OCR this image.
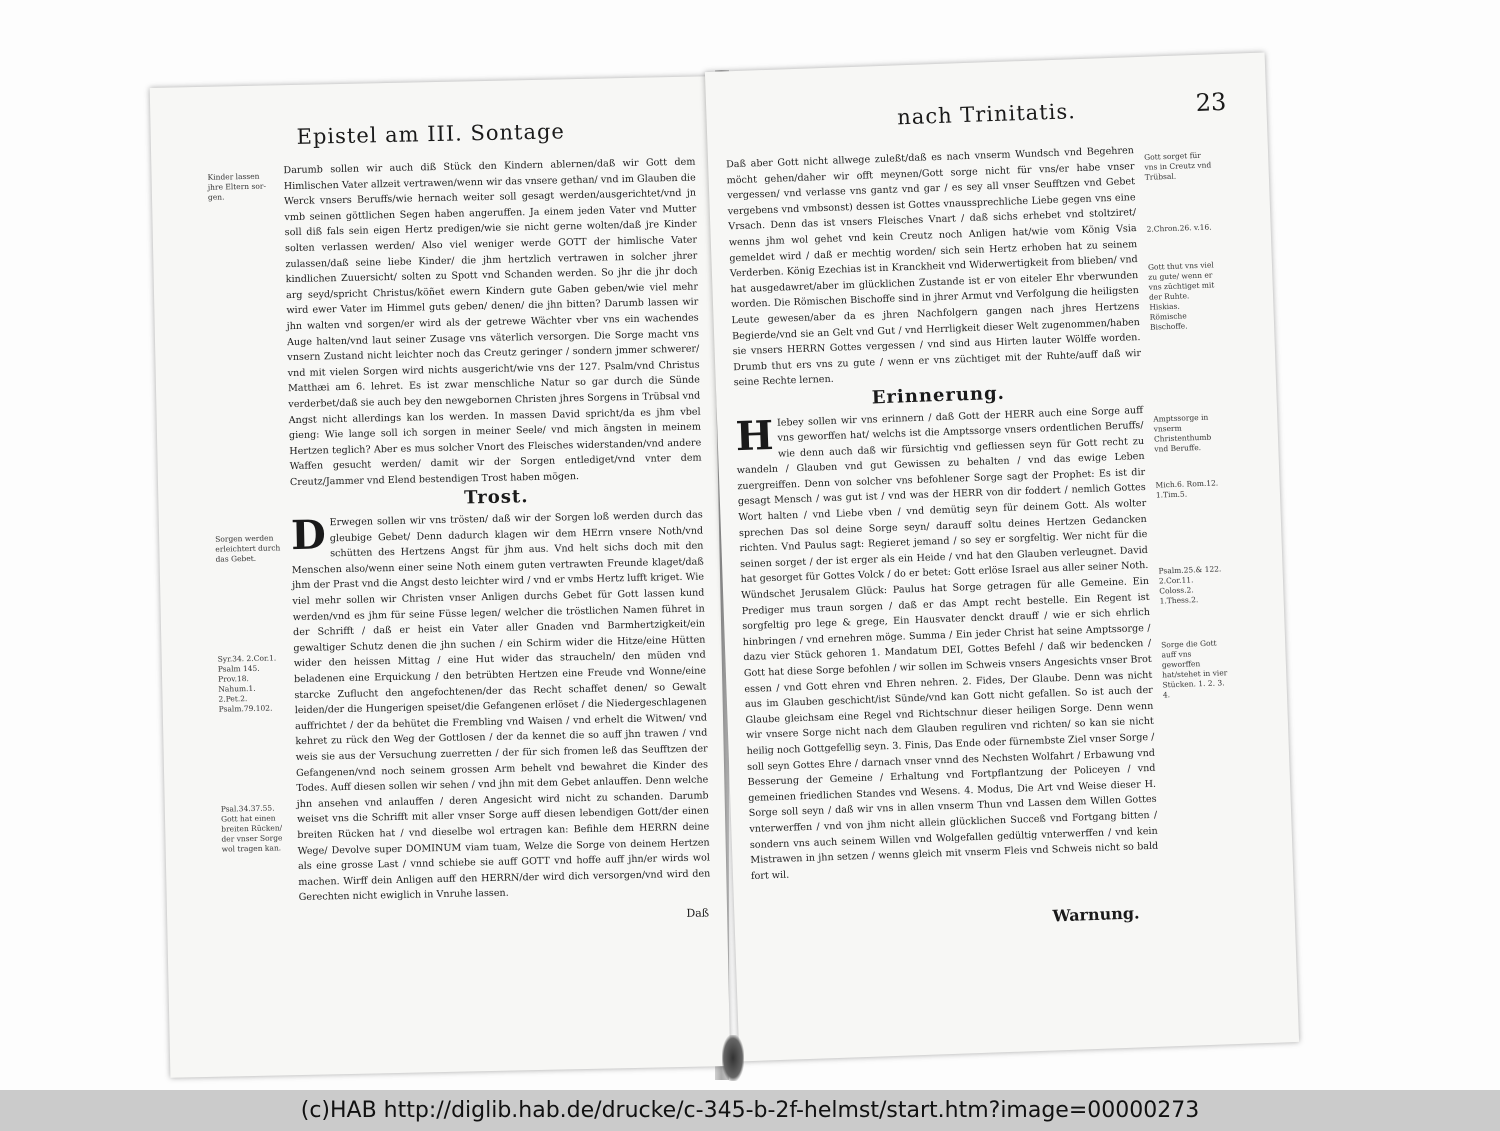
Epistel am III. Sontage
Kinder lassen jhre Eltern sor-gen.
Sorgen werden erleichtert durch das Gebet.
Syr.34. 2.Cor.1. Psalm 145. Prov.18. Nahum.1. 2.Pet.2. Psalm.79.102.
Psal.34.37.55. Gott hat einen breiten Rücken/ der vnser Sorge wol tragen kan.

Darumb sollen wir auch diß Stück den Kindern ablernen/daß wir Gott dem Himlischen Vater allzeit vertrawen/wenn wir das vnsere gethan/ vnd im Glauben die Werck vnsers Beruffs/wie hernach weiter soll gesagt werden/ausgerichtet/vnd jn vmb seinen göttlichen Segen haben angeruffen. Ja einem jeden Vater vnd Mutter soll diß fals sein eigen Hertz predigen/wie sie nicht gerne wolten/daß jre Kinder solten verlassen werden/ Also viel weniger werde GOTT der himlische Vater zulassen/daß seine liebe Kinder/ die jhm hertzlich vertrawen in solcher jhrer kindlichen Zuuersicht/ solten zu Spott vnd Schanden werden. So jhr die jhr doch arg seyd/spricht Christus/köñet ewern Kindern gute Gaben geben/wie viel mehr wird ewer Vater im Himmel guts geben/ denen/ die jhn bitten? Darumb lassen wir jhn walten vnd sorgen/er wird als der getrewe Wächter vber vns ein wachendes Auge halten/vnd laut seiner Zusage vns väterlich versorgen. Die Sorge macht vns vnsern Zustand nicht leichter noch das Creutz geringer / sondern jmmer schwerer/ vnd mit vielen Sorgen wird nichts ausgericht/wie vns der 127. Psalm/vnd Christus Matthæi am 6. lehret. Es ist zwar menschliche Natur so gar durch die Sünde verderbet/daß sie auch bey den newgebornen Christen jhres Sorgens in Trübsal vnd Angst nicht allerdings kan los werden. In massen David spricht/da es jhm vbel gieng: Wie lange soll ich sorgen in meiner Seele/ vnd mich ängsten in meinem Hertzen teglich? Aber es mus solcher Vnort des Fleisches widerstanden/vnd andere Waffen gesucht werden/ damit wir der Sorgen entlediget/vnd vnter dem Creutz/Jammer vnd Elend bestendigen Trost haben mögen.

Trost.

D Erwegen sollen wir vns trösten/ daß wir der Sorgen loß werden durch das gleubige Gebet/ Denn dadurch klagen wir dem HErrn vnsere Noth/vnd schütten des Hertzens Angst für jhm aus. Vnd helt sichs doch mit den Menschen also/wenn einer seine Noth einem guten vertrawten Freunde klaget/daß jhm der Prast vnd die Angst desto leichter wird / vnd er vmbs Hertz lufft kriget. Wie viel mehr sollen wir Christen vnser Anligen durchs Gebet für Gott lassen kund werden/vnd es jhm für seine Füsse legen/ welcher die tröstlichen Namen führet in der Schrifft / daß er heist ein Vater aller Gnaden vnd Barmhertzigkeit/ein gewaltiger Schutz denen die jhn suchen / ein Schirm wider die Hitze/eine Hütten wider den heissen Mittag / eine Hut wider das straucheln/ den müden vnd beladenen eine Erquickung / den betrübten Hertzen eine Freude vnd Wonne/eine starcke Zuflucht den angefochtenen/der das Recht schaffet denen/ so Gewalt leiden/der die Hungerigen speiset/die Gefangenen erlöset / die Niedergeschlagenen auffrichtet / der da behütet die Frembling vnd Waisen / vnd erhelt die Witwen/ vnd kehret zu rück den Weg der Gottlosen / der da kennet die so auff jhn trawen / vnd weis sie aus der Versuchung zuerretten / der für sich fromen leß das Seufftzen der Gefangenen/vnd noch seinem grossen Arm behelt vnd bewahret die Kinder des Todes. Auff diesen sollen wir sehen / vnd jhn mit dem Gebet anlauffen. Denn welche jhn ansehen vnd anlauffen / deren Angesicht wird nicht zu schanden. Darumb weiset vns die Schrifft mit aller vnser Sorge auff diesen lebendigen Gott/der einen breiten Rücken hat / vnd dieselbe wol ertragen kan: Befihle dem HERRN deine Wege/ Devolve super DOMINUM viam tuam, Welze die Sorge von deinem Hertzen als eine grosse Last / vnnd schiebe sie auff GOTT vnd hoffe auff jhn/er wirds wol machen. Wirff dein Anligen auff den HERRN/der wird dich versorgen/vnd wird den Gerechten nicht ewiglich in Vnruhe lassen.

Daß
nach Trinitatis.	23

Daß aber Gott nicht allwege zuleßt/daß es nach vnserm Wundsch vnd Begehren möcht gehen/daher wir offt meynen/Gott sorge nicht für vns/er habe vnser vergessen/ vnd verlasse vns gantz vnd gar / es sey all vnser Seufftzen vnd Gebet vergebens vnd vmbsonst) dessen ist Gottes vnaussprechliche Liebe gegen vns eine Vrsach. Denn das ist vnsers Fleisches Vnart / daß sichs erhebet vnd stoltziret/ wenns jhm wol gehet vnd kein Creutz noch Anligen hat/wie vom König Vsia gemeldet wird / daß er mechtig worden/ sich sein Hertz erhoben hat zu seinem Verderben. König Ezechias ist in Kranckheit vnd Widerwertigkeit from blieben/ vnd hat ausgedawret/aber im glücklichen Zustande ist er von eiteler Ehr vberwunden worden. Die Römischen Bischoffe sind in jhrer Armut vnd Verfolgung die heiligsten Leute gewesen/aber da es jhren Nachfolgern gangen nach jhres Hertzens Begierde/vnd sie an Gelt vnd Gut / vnd Herrligkeit dieser Welt zugenommen/haben sie vnsers HERRN Gottes vergessen / vnd sind aus Hirten lauter Wölffe worden. Drumb thut ers vns zu gute / wenn er vns züchtiget mit der Ruhte/auff daß wir seine Rechte lernen.

Erinnerung.

H Iebey sollen wir vns erinnern / daß Gott der HERR auch eine Sorge auff vns geworffen hat/ welchs ist die Amptssorge vnsers ordentlichen Beruffs/ wie denn auch daß wir fürsichtig vnd gefliessen seyn für Gott recht zu wandeln / Glauben vnd gut Gewissen zu behalten / vnd das ewige Leben zuergreiffen. Denn von solcher vns befohlener Sorge sagt der Prophet: Es ist dir gesagt Mensch / was gut ist / vnd was der HERR von dir foddert / nemlich Gottes Wort halten / vnd Liebe vben / vnd demütig seyn für deinem Gott. Als wolter sprechen Das sol deine Sorge seyn/ darauff soltu deines Hertzen Gedancken richten. Vnd Paulus sagt: Regieret jemand / so sey er sorgfeltig. Wer nicht für die seinen sorget / der ist erger als ein Heide / vnd hat den Glauben verleugnet. David hat gesorget für Gottes Volck / do er betet: Gott erlöse Israel aus aller seiner Noth. Wündschet Jerusalem Glück: Paulus hat Sorge getragen für alle Gemeine. Ein Prediger mus traun sorgen / daß er das Ampt recht bestelle. Ein Regent ist sorgfeltig pro lege & grege, Ein Hausvater denckt drauff / wie er sich ehrlich hinbringen / vnd ernehren möge. Summa / Ein jeder Christ hat seine Amptssorge / dazu vier Stück gehoren 1. Mandatum DEI, Gottes Befehl / daß wir bedencken / Gott hat diese Sorge befohlen / wir sollen im Schweis vnsers Angesichts vnser Brot essen / vnd Gott ehren vnd Ehren nehren. 2. Fides, Der Glaube. Denn was nicht aus im Glauben geschicht/ist Sünde/vnd kan Gott nicht gefallen. So ist auch der Glaube gleichsam eine Regel vnd Richtschnur dieser heiligen Sorge. Denn wenn wir vnsere Sorge nicht nach dem Glauben reguliren vnd richten/ so kan sie nicht heilig noch Gottgefellig seyn. 3. Finis, Das Ende oder fürnembste Ziel vnser Sorge / soll seyn Gottes Ehre / darnach vnser vnnd des Nechsten Wolfahrt / Erbawung vnd Besserung der Gemeine / Erhaltung vnd Fortpflantzung der Policeyen / vnd gemeinen friedlichen Standes vnd Wesens. 4. Modus, Die Art vnd Weise dieser H. Sorge soll seyn / daß wir vns in allen vnserm Thun vnd Lassen dem Willen Gottes vnterwerffen / vnd von jhm nicht allein glücklichen Succeß vnd Fortgang bitten / sondern vns auch seinem Willen vnd Wolgefallen gedültig vnterwerffen / vnd kein Mistrawen in jhn setzen / wenns gleich mit vnserm Fleis vnd Schweis nicht so bald fort wil.

Gott sorget für vns in Creutz vnd Trübsal.
2.Chron.26. v.16.
Gott thut vns viel zu gute/ wenn er vns züchtiget mit der Ruhte. Hiskias. Römische Bischoffe.
Amptssorge in vnserm Christenthumb vnd Beruffe.
Mich.6. Rom.12. 1.Tim.5.
Psalm.25.& 122. 2.Cor.11. Coloss.2. 1.Thess.2.
Sorge die Gott auff vns geworffen hat/stehet in vier Stücken. 1. 2. 3. 4.
Warnung.
(c)HAB http://diglib.hab.de/drucke/c-345-b-2f-helmst/start.htm?image=00000273
